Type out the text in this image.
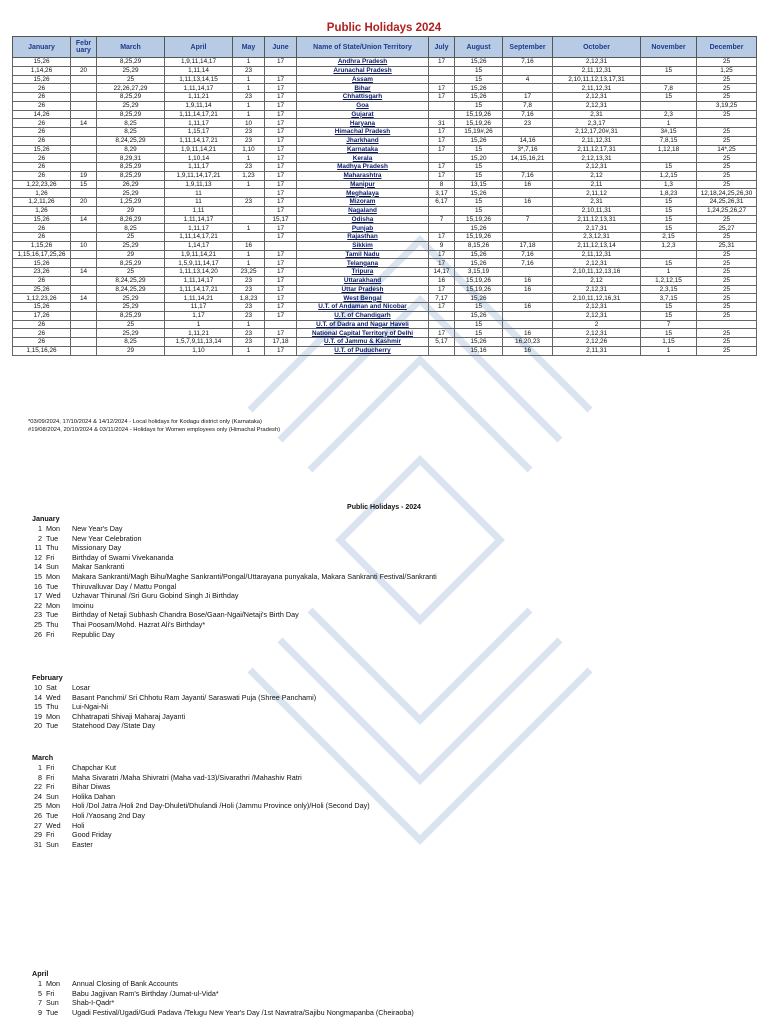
Public Holidays 2024
January	Febr uary	March	April	May	June	Name of State/Union Territory	July	August	September	October	November	December
15,26		8,25,29	1,9,11,14,17	1	17	Andhra Pradesh	17	15,26	7,16	2,12,31		25
1,14,26	20	25,29	1,11,14	23		Arunachal Pradesh		15		2,11,12,31	15	1,25
15,26		25	1,11,13,14,15	1	17	Assam		15	4	2,10,11,12,13,17,31		25
26		22,26,27,29	1,11,14,17	1	17	Bihar	17	15,26		2,11,12,31	7,8	25
26		8,25,29	1,11,21	23	17	Chhattisgarh	17	15,26	17	2,12,31	15	25
26		25,29	1,9,11,14	1	17	Goa		15	7,8	2,12,31		3,19,25
14,26		8,25,29	1,11,14,17,21	1	17	Gujarat		15,19,26	7,16	2,31	2,3	25
26	14	8,25	1,11,17	10	17	Haryana	31	15,19,26	23	2,3,17	1	
26		8,25	1,15,17	23	17	Himachal Pradesh	17	15,19#,26		2,12,17,20#,31	3#,15	25
26		8,24,25,29	1,11,14,17,21	23	17	Jharkhand	17	15,26	14,16	2,11,12,31	7,8,15	25
15,26		8,29	1,9,11,14,21	1,10	17	Karnataka	17	15	3*,7,16	2,11,12,17,31	1,12,18	14*,25
26		8,29,31	1,10,14	1	17	Kerala		15,20	14,15,16,21	2,12,13,31		25
26		8,25,29	1,11,17	23	17	Madhya Pradesh	17	15		2,12,31	15	25
26	19	8,25,29	1,9,11,14,17,21	1,23	17	Maharashtra	17	15	7,16	2,12	1,2,15	25
1,22,23,26	15	26,29	1,9,11,13	1	17	Manipur	8	13,15	16	2,11	1,3	25
1,26		25,29	11		17	Meghalaya	3,17	15,26		2,11,12	1,8,23	12,18,24,25,26,30
1,2,11,26	20	1,25,29	11	23	17	Mizoram	6,17	15	16	2,31	15	24,25,26,31
1,26		29	1,11		17	Nagaland		15		2,10,11,31	15	1,24,25,26,27
15,26	14	8,26,29	1,11,14,17		15,17	Odisha	7	15,19,26	7	2,11,12,13,31	15	25
26		8,25	1,11,17	1	17	Punjab		15,26		2,17,31	15	25,27
26		25	1,11,14,17,21		17	Rajasthan	17	15,19,26		2,3,12,31	2,15	25
1,15,26	10	25,29	1,14,17	16		Sikkim	9	8,15,26	17,18	2,11,12,13,14	1,2,3	25,31
1,15,16,17,25,26		29	1,9,11,14,21	1	17	Tamil Nadu	17	15,26	7,16	2,11,12,31		25
15,26		8,25,29	1,5,9,11,14,17	1	17	Telangana	17	15,26	7,16	2,12,31	15	25
23,26	14	25	1,11,13,14,20	23,25	17	Tripura	14,17	3,15,19		2,10,11,12,13,16	1	25
26		8,24,25,29	1,11,14,17	23	17	Uttarakhand	16	15,19,26	16	2,12	1,2,12,15	25
25,26		8,24,25,29	1,11,14,17,21	23	17	Uttar Pradesh	17	15,19,26	16	2,12,31	2,3,15	25
1,12,23,26	14	25,29	1,11,14,21	1,8,23	17	West Bengal	7,17	15,26		2,10,11,12,16,31	3,7,15	25
15,26		25,29	11,17	23	17	U.T. of Andaman and Nicobar	17	15	16	2,12,31	15	25
17,26		8,25,29	1,17	23	17	U.T. of Chandigarh		15,26		2,12,31	15	25
26		25	1	1		U.T. of Dadra and Nagar Haveli		15		2	7	
26		25,29	1,11,21	23	17	National Capital Territory of Delhi	17	15	16	2,12,31	15	25
26		8,25	1,5,7,9,11,13,14	23	17,18	U.T. of Jammu & Kashmir	5,17	15,26	16,20,23	2,12,26	1,15	25
1,15,16,26		29	1,10	1	17	U.T. of Puducherry		15,16	16	2,11,31	1	25
*03/09/2024, 17/10/2024 & 14/12/2024 - Local holidays for Kodagu district only (Karnataka)
#19/08/2024, 20/10/2024 & 03/11/2024 - Holidays for Women employees only (Himachal Pradesh)
Public Holidays - 2024
January
1 Mon New Year's Day
2 Tue New Year Celebration
11 Thu Missionary Day
12 Fri Birthday of Swami Vivekananda
14 Sun Makar Sankranti
15 Mon Makara Sankranti/Magh Bihu/Maghe Sankranti/Pongal/Uttarayana punyakala, Makara Sankranti Festival/Sankranti
16 Tue Thiruvalluvar Day / Mattu Pongal
17 Wed Uzhavar Thirunal /Sri Guru Gobind Singh Ji Birthday
22 Mon Imoinu
23 Tue Birthday of Netaji Subhash Chandra Bose/Gaan-Ngai/Netaji's Birth Day
25 Thu Thai Poosam/Mohd. Hazrat Ali's Birthday*
26 Fri Republic Day
February
10 Sat Losar
14 Wed Basant Panchmi/ Sri Chhotu Ram Jayanti/ Saraswati Puja (Shree Panchami)
15 Thu Lui-Ngai-Ni
19 Mon Chhatrapati Shivaji Maharaj Jayanti
20 Tue Statehood Day /State Day
March
1 Fri Chapchar Kut
8 Fri Maha Sivaratri /Maha Shivratri (Maha vad-13)/Sivarathri /Mahashiv Ratri
22 Fri Bihar Diwas
24 Sun Holika Dahan
25 Mon Holi /Dol Jatra /Holi 2nd Day-Dhuleti/Dhulandi /Holi (Jammu Province only)/Holi (Second Day)
26 Tue Holi /Yaosang 2nd Day
27 Wed Holi
29 Fri Good Friday
31 Sun Easter
April
1 Mon Annual Closing of Bank Accounts
5 Fri Babu Jagjivan Ram's Birthday /Jumat-ul-Vida*
7 Sun Shab-I-Qadr*
9 Tue Ugadi Festival/Ugadi/Gudi Padava /Telugu New Year's Day /1st Navratra/Sajibu Nongmapanba (Cheiraoba)
